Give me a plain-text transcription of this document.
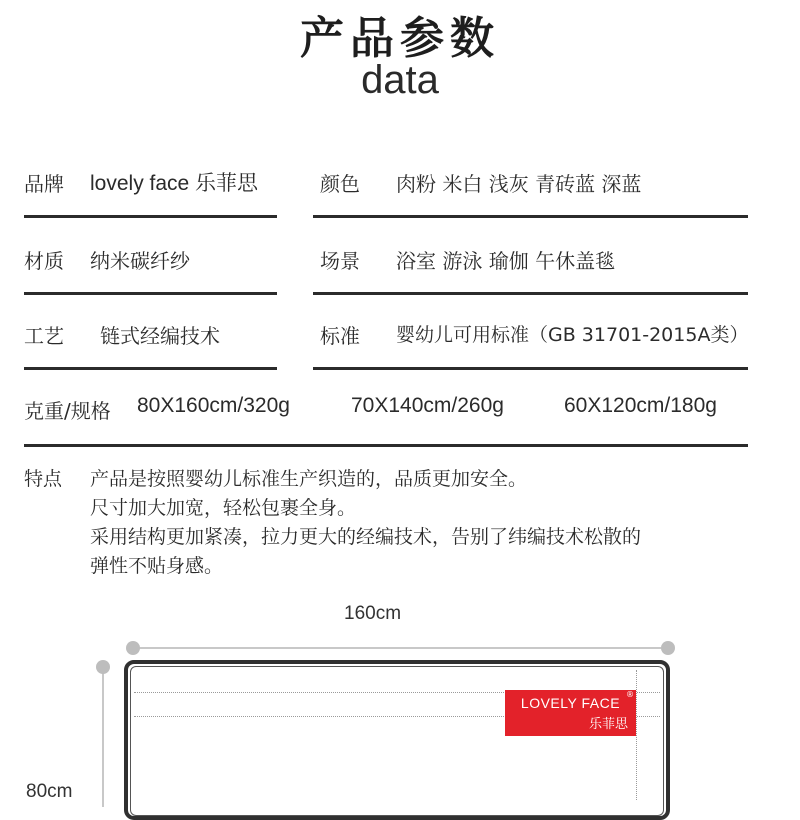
产品参数
data
品牌 lovely face 乐菲思	颜色 肉粉 米白 浅灰 青砖蓝 深蓝
材质 纳米碳纤纱	场景 浴室 游泳 瑜伽 午休盖毯
工艺 链式经编技术	标准 婴幼儿可用标准（GB 31701-2015A类）
克重/规格 80X160cm/320g	70X140cm/260g	60X120cm/180g
特点 产品是按照婴幼儿标准生产织造的，品质更加安全。
尺寸加大加宽，轻松包裹全身。
采用结构更加紧凑，拉力更大的经编技术，告别了纬编技术松散的
弹性不贴身感。
160cm
80cm
LOVELY FACE
®
乐菲思
